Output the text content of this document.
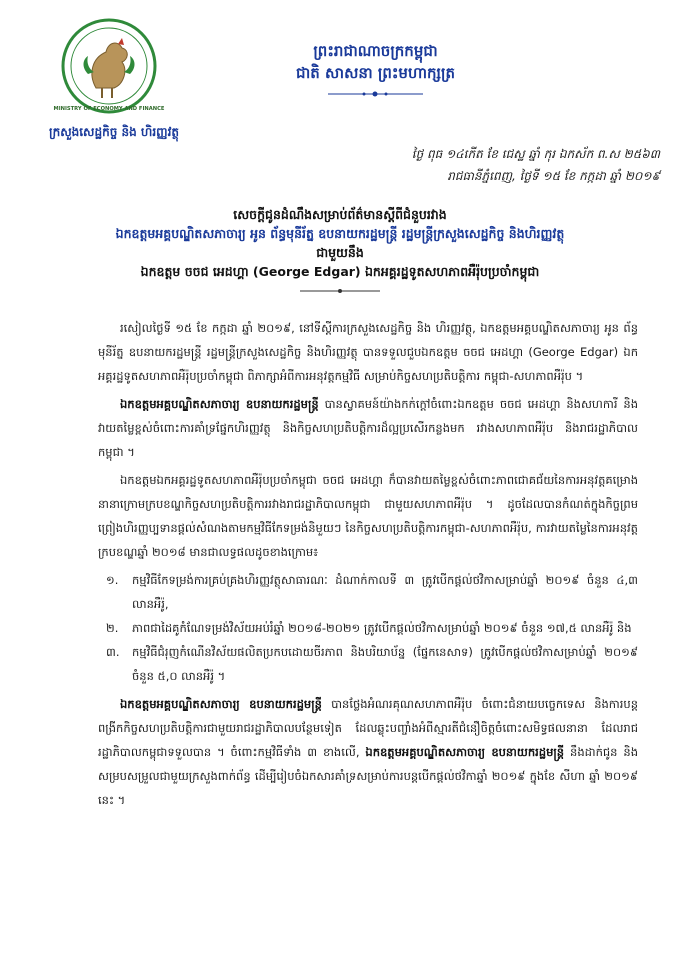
MINISTRY OF ECONOMY AND FINANCE
ក្រសួងសេដ្ឋកិច្ច និង ហិរញ្ញវត្ថុ
ព្រះរាជាណាចក្រកម្ពុជា
ជាតិ សាសនា ព្រះមហាក្សត្រ
ថ្ងៃ ពុធ ១៤កើត ខែ ជេស្ឋ ឆ្នាំ កុរ ឯកស័ក ព.ស ២៥៦៣
រាជធានីភ្នំពេញ, ថ្ងៃទី ១៥ ខែ កក្កដា ឆ្នាំ ២០១៩
សេចក្តីជូនដំណឹងសម្រាប់ព័ត៌មានស្តីពីជំនួបរវាង
ឯកឧត្តមអគ្គបណ្ឌិតសភាចារ្យ អូន ព័ន្ធមុនីរ័ត្ន ឧបនាយករដ្ឋមន្ត្រី រដ្ឋមន្ត្រីក្រសួងសេដ្ឋកិច្ច និងហិរញ្ញវត្ថុ
ជាមួយនឹង
ឯកឧត្តម ចចជ អេដហ្គា (George Edgar) ឯកអគ្គរដ្ឋទូតសហភាពអឺរ៉ុបប្រចាំកម្ពុជា

រសៀលថ្ងៃទី ១៥ ខែ កក្កដា ឆ្នាំ ២០១៩, នៅទីស្តីការក្រសួងសេដ្ឋកិច្ច និង ហិរញ្ញវត្ថុ, ឯកឧត្តមអគ្គបណ្ឌិតសភាចារ្យ អូន ព័ន្ធមុនីរ័ត្ន ឧបនាយករដ្ឋមន្ត្រី រដ្ឋមន្ត្រីក្រសួងសេដ្ឋកិច្ច និងហិរញ្ញវត្ថុ បានទទួលជួបឯកឧត្តម ចចជ អេដហ្គា (George Edgar) ឯកអគ្គរដ្ឋទូតសហភាពអឺរ៉ុបប្រចាំកម្ពុជា ពិភាក្សាអំពីការអនុវត្តកម្មវិធី សម្រាប់កិច្ចសហប្រតិបត្តិការ កម្ពុជា-សហភាពអឺរ៉ុប ។

ឯកឧត្តមអគ្គបណ្ឌិតសភាចារ្យ ឧបនាយករដ្ឋមន្ត្រី បានស្វាគមន៍យ៉ាងកក់ក្តៅចំពោះឯកឧត្តម ចចជ អេដហ្គា និងសហការី និងវាយតម្លៃខ្ពស់ចំពោះការគាំទ្រផ្នែកហិរញ្ញវត្ថុ និងកិច្ចសហប្រតិបត្តិការដ៏ល្អប្រសើរកន្លងមក រវាងសហភាពអឺរ៉ុប និងរាជរដ្ឋាភិបាលកម្ពុជា ។

ឯកឧត្តមឯកអគ្គរដ្ឋទូតសហភាពអឺរ៉ុបប្រចាំកម្ពុជា ចចជ អេដហ្គា ក៏បានវាយតម្លៃខ្ពស់ចំពោះភាពជោគជ័យនៃការអនុវត្តគម្រោងនានាក្រោមក្របខណ្ឌកិច្ចសហប្រតិបត្តិការរវាងរាជរដ្ឋាភិបាលកម្ពុជា ជាមួយសហភាពអឺរ៉ុប ។ ដូចដែលបានកំណត់ក្នុងកិច្ចព្រមព្រៀងហិរញ្ញប្បទានផ្តល់សំណងតាមកម្មវិធីកែទម្រង់និមួយៗ នៃកិច្ចសហប្រតិបត្តិការកម្ពុជា-សហភាពអឺរ៉ុប, ការវាយតម្លៃនៃការអនុវត្តក្របខណ្ឌឆ្នាំ ២០១៨ មានជាលទ្ធផលដូចខាងក្រោម៖

១. កម្មវិធីកែទម្រង់ការគ្រប់គ្រងហិរញ្ញវត្ថុសាធារណៈ ដំណាក់កាលទី ៣ ត្រូវបើកផ្តល់ថវិកាសម្រាប់ឆ្នាំ ២០១៩ ចំនួន ៤,៣ លានអឺរ៉ូ,
២. ភាពជាដៃគូកំណែទម្រង់វិស័យអប់រំឆ្នាំ ២០១៨-២០២១ ត្រូវបើកផ្តល់ថវិកាសម្រាប់ឆ្នាំ ២០១៩ ចំនួន ១៧,៥ លានអឺរ៉ូ និង
៣. កម្មវិធីជំរុញកំណើនវិស័យផលិតប្រកបដោយចីរភាព និងបរិយាប័ន្ន (ផ្នែកនេសាទ) ត្រូវបើកផ្តល់ថវិកាសម្រាប់ឆ្នាំ ២០១៩ ចំនួន ៥,០ លានអឺរ៉ូ ។

ឯកឧត្តមអគ្គបណ្ឌិតសភាចារ្យ ឧបនាយករដ្ឋមន្ត្រី បានថ្លែងអំណរគុណសហភាពអឺរ៉ុប ចំពោះជំនាយបច្ចេកទេស និងការបន្តពង្រីកកិច្ចសហប្រតិបត្តិការជាមួយរាជរដ្ឋាភិបាលបន្ថែមទៀត ដែលឆ្លុះបញ្ចាំងអំពីស្មារតីជំនឿចិត្តចំពោះសមិទ្ធផលនានា ដែលរាជរដ្ឋាភិបាលកម្ពុជាទទួលបាន ។ ចំពោះកម្មវិធីទាំង ៣ ខាងលើ, ឯកឧត្តមអគ្គបណ្ឌិតសភាចារ្យ ឧបនាយករដ្ឋមន្ត្រី នឹងដាក់ជូន និងសម្របសម្រួលជាមួយក្រសួងពាក់ព័ន្ធ ដើម្បីរៀបចំឯកសារគាំទ្រសម្រាប់ការបន្តបើកផ្តល់ថវិកាឆ្នាំ ២០១៩ ក្នុងខែ សីហា ឆ្នាំ ២០១៩ នេះ ។
